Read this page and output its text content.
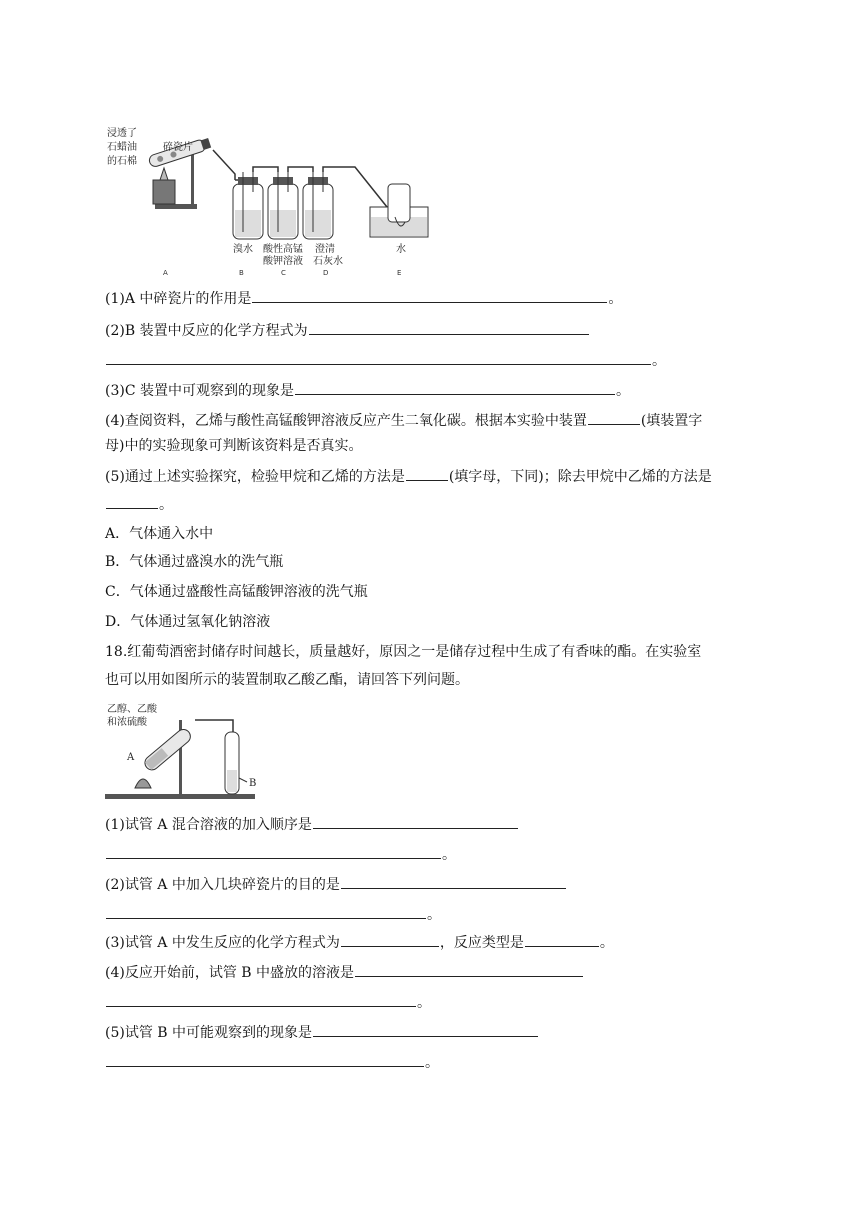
浸透了
石蜡油
的石棉
碎瓷片
溴水 酸性高锰
酸钾溶液
澄清
石灰水
水
A	B	C	D	E
(1)A 中碎瓷片的作用是	。
(2)B 装置中反应的化学方程式为
。
(3)C 装置中可观察到的现象是	。
(4)查阅资料，乙烯与酸性高锰酸钾溶液反应产生二氧化碳。根据本实验中装置	(填装置字
母)中的实验现象可判断该资料是否真实。
(5)通过上述实验探究，检验甲烷和乙烯的方法是	(填字母，下同)；除去甲烷中乙烯的方法是
。
A．气体通入水中
B．气体通过盛溴水的洗气瓶
C．气体通过盛酸性高锰酸钾溶液的洗气瓶
D．气体通过氢氧化钠溶液
18.红葡萄酒密封储存时间越长，质量越好，原因之一是储存过程中生成了有香味的酯。在实验室
也可以用如图所示的装置制取乙酸乙酯，请回答下列问题。
乙醇、乙酸
和浓硫酸
A
B
(1)试管 A 混合溶液的加入顺序是
。
(2)试管 A 中加入几块碎瓷片的目的是
。
(3)试管 A 中发生反应的化学方程式为	，反应类型是	。
(4)反应开始前，试管 B 中盛放的溶液是
。
(5)试管 B 中可能观察到的现象是
。
